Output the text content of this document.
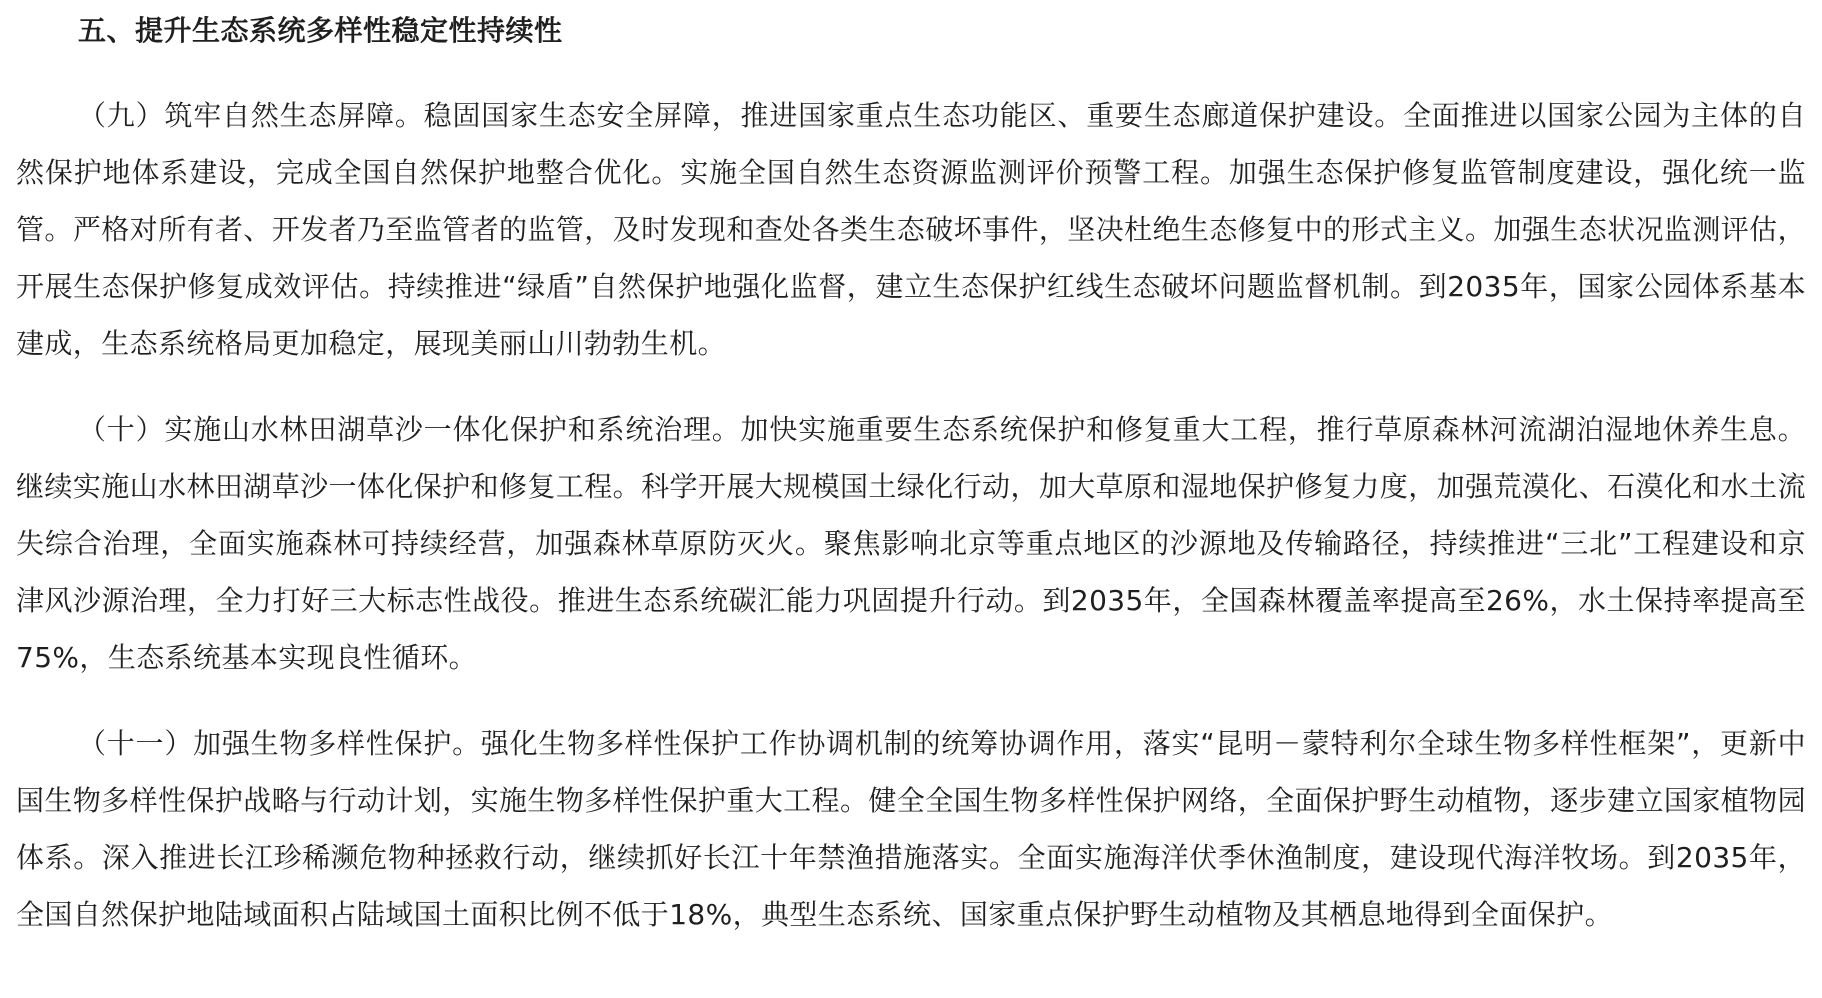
五、提升生态系统多样性稳定性持续性

（九）筑牢自然生态屏障。稳固国家生态安全屏障，推进国家重点生态功能区、重要生态廊道保护建设。全面推进以国家公园为主体的自然保护地体系建设，完成全国自然保护地整合优化。实施全国自然生态资源监测评价预警工程。加强生态保护修复监管制度建设，强化统一监管。严格对所有者、开发者乃至监管者的监管，及时发现和查处各类生态破坏事件，坚决杜绝生态修复中的形式主义。加强生态状况监测评估，开展生态保护修复成效评估。持续推进“绿盾”自然保护地强化监督，建立生态保护红线生态破坏问题监督机制。到2035年，国家公园体系基本建成，生态系统格局更加稳定，展现美丽山川勃勃生机。

（十）实施山水林田湖草沙一体化保护和系统治理。加快实施重要生态系统保护和修复重大工程，推行草原森林河流湖泊湿地休养生息。继续实施山水林田湖草沙一体化保护和修复工程。科学开展大规模国土绿化行动，加大草原和湿地保护修复力度，加强荒漠化、石漠化和水土流失综合治理，全面实施森林可持续经营，加强森林草原防灭火。聚焦影响北京等重点地区的沙源地及传输路径，持续推进“三北”工程建设和京津风沙源治理，全力打好三大标志性战役。推进生态系统碳汇能力巩固提升行动。到2035年，全国森林覆盖率提高至26%，水土保持率提高至75%，生态系统基本实现良性循环。

（十一）加强生物多样性保护。强化生物多样性保护工作协调机制的统筹协调作用，落实“昆明－蒙特利尔全球生物多样性框架”，更新中国生物多样性保护战略与行动计划，实施生物多样性保护重大工程。健全全国生物多样性保护网络，全面保护野生动植物，逐步建立国家植物园体系。深入推进长江珍稀濒危物种拯救行动，继续抓好长江十年禁渔措施落实。全面实施海洋伏季休渔制度，建设现代海洋牧场。到2035年，全国自然保护地陆域面积占陆域国土面积比例不低于18%，典型生态系统、国家重点保护野生动植物及其栖息地得到全面保护。
